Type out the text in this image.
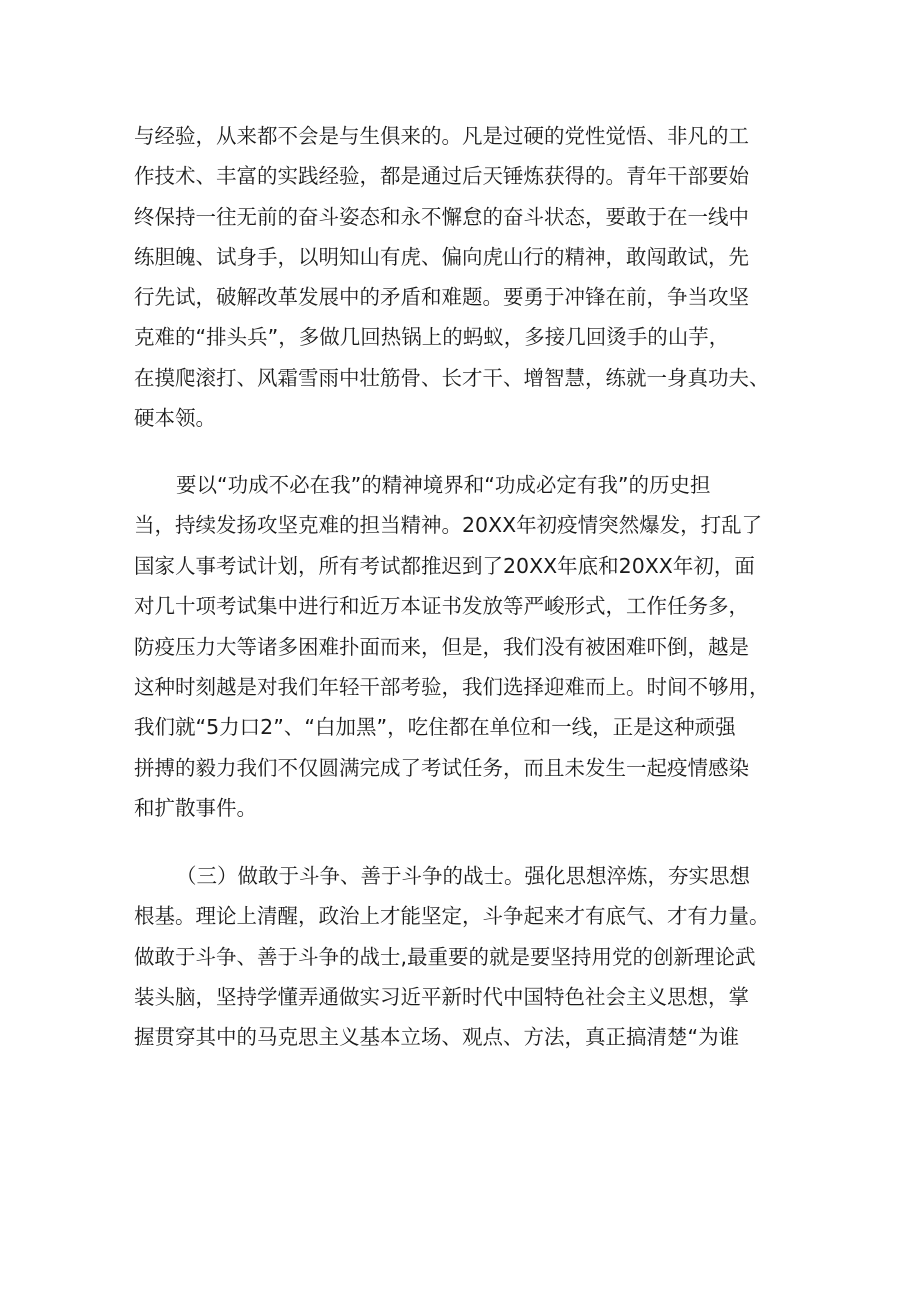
与经验，从来都不会是与生俱来的。凡是过硬的党性觉悟、非凡的工
作技术、丰富的实践经验，都是通过后天锤炼获得的。青年干部要始
终保持一往无前的奋斗姿态和永不懈怠的奋斗状态，要敢于在一线中
练胆魄、试身手，以明知山有虎、偏向虎山行的精神，敢闯敢试，先
行先试，破解改革发展中的矛盾和难题。要勇于冲锋在前，争当攻坚
克难的“排头兵”，多做几回热锅上的蚂蚁，多接几回烫手的山芋，
在摸爬滚打、风霜雪雨中壮筋骨、长才干、增智慧，练就一身真功夫、
硬本领。
要以“功成不必在我”的精神境界和“功成必定有我”的历史担
当，持续发扬攻坚克难的担当精神。20XX年初疫情突然爆发，打乱了
国家人事考试计划，所有考试都推迟到了20XX年底和20XX年初，面
对几十项考试集中进行和近万本证书发放等严峻形式，工作任务多，
防疫压力大等诸多困难扑面而来，但是，我们没有被困难吓倒，越是
这种时刻越是对我们年轻干部考验，我们选择迎难而上。时间不够用，
我们就“5力口2”、“白加黑”，吃住都在单位和一线，正是这种顽强
拼搏的毅力我们不仅圆满完成了考试任务，而且未发生一起疫情感染
和扩散事件。
（三）做敢于斗争、善于斗争的战士。强化思想淬炼，夯实思想
根基。理论上清醒，政治上才能坚定，斗争起来才有底气、才有力量。
做敢于斗争、善于斗争的战士,最重要的就是要坚持用党的创新理论武
装头脑，坚持学懂弄通做实习近平新时代中国特色社会主义思想，掌
握贯穿其中的马克思主义基本立场、观点、方法，真正搞清楚“为谁
